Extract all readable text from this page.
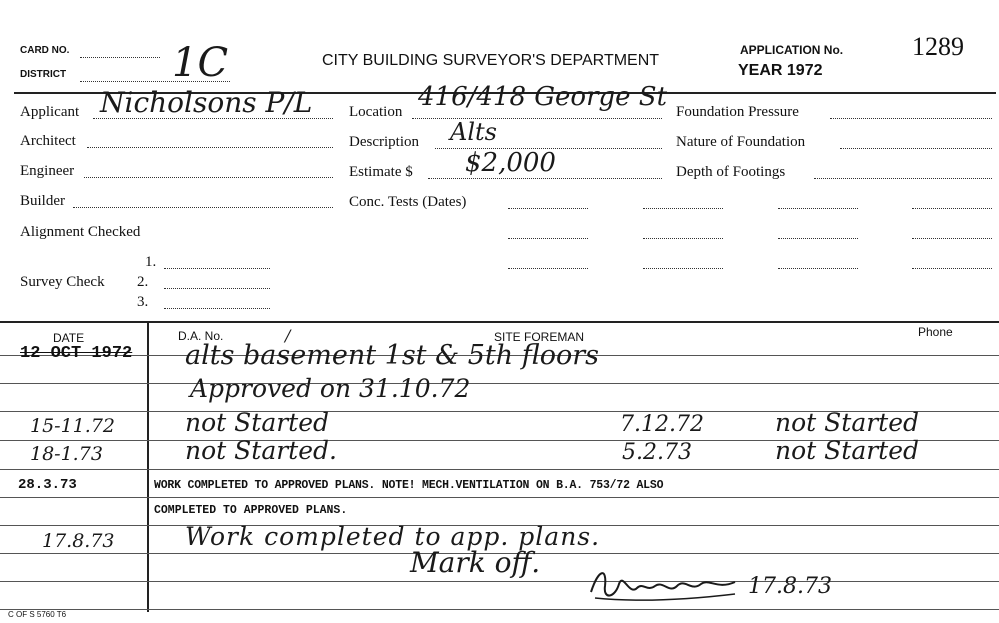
CARD NO.
DISTRICT	1C	CITY BUILDING SURVEYOR'S DEPARTMENT
APPLICATION No.
YEAR 1972
1289
Applicant Nicholsons P/L
Architect
Engineer
Builder
Alignment Checked
1.
Survey Check 2.
3.
Location 416/418 George St
Description Alts
Estimate $ $2,000
Conc. Tests (Dates)
Foundation Pressure
Nature of Foundation
Depth of Footings
DATE	D.A. No.	/	SITE FOREMAN	Phone
12 OCT 1972 alts basement 1st & 5th floors
Approved on 31.10.72
15-11.72	not Started	7.12.72	not Started
18-1.73	not Started.	5.2.73	not Started
28.3.73	WORK COMPLETED TO APPROVED PLANS. NOTE! MECH.VENTILATION ON B.A. 753/72 ALSO
COMPLETED TO APPROVED PLANS.
17.8.73	Work completed to app. plans.
Mark off.
17.8.73
C OF S 5760 T6
